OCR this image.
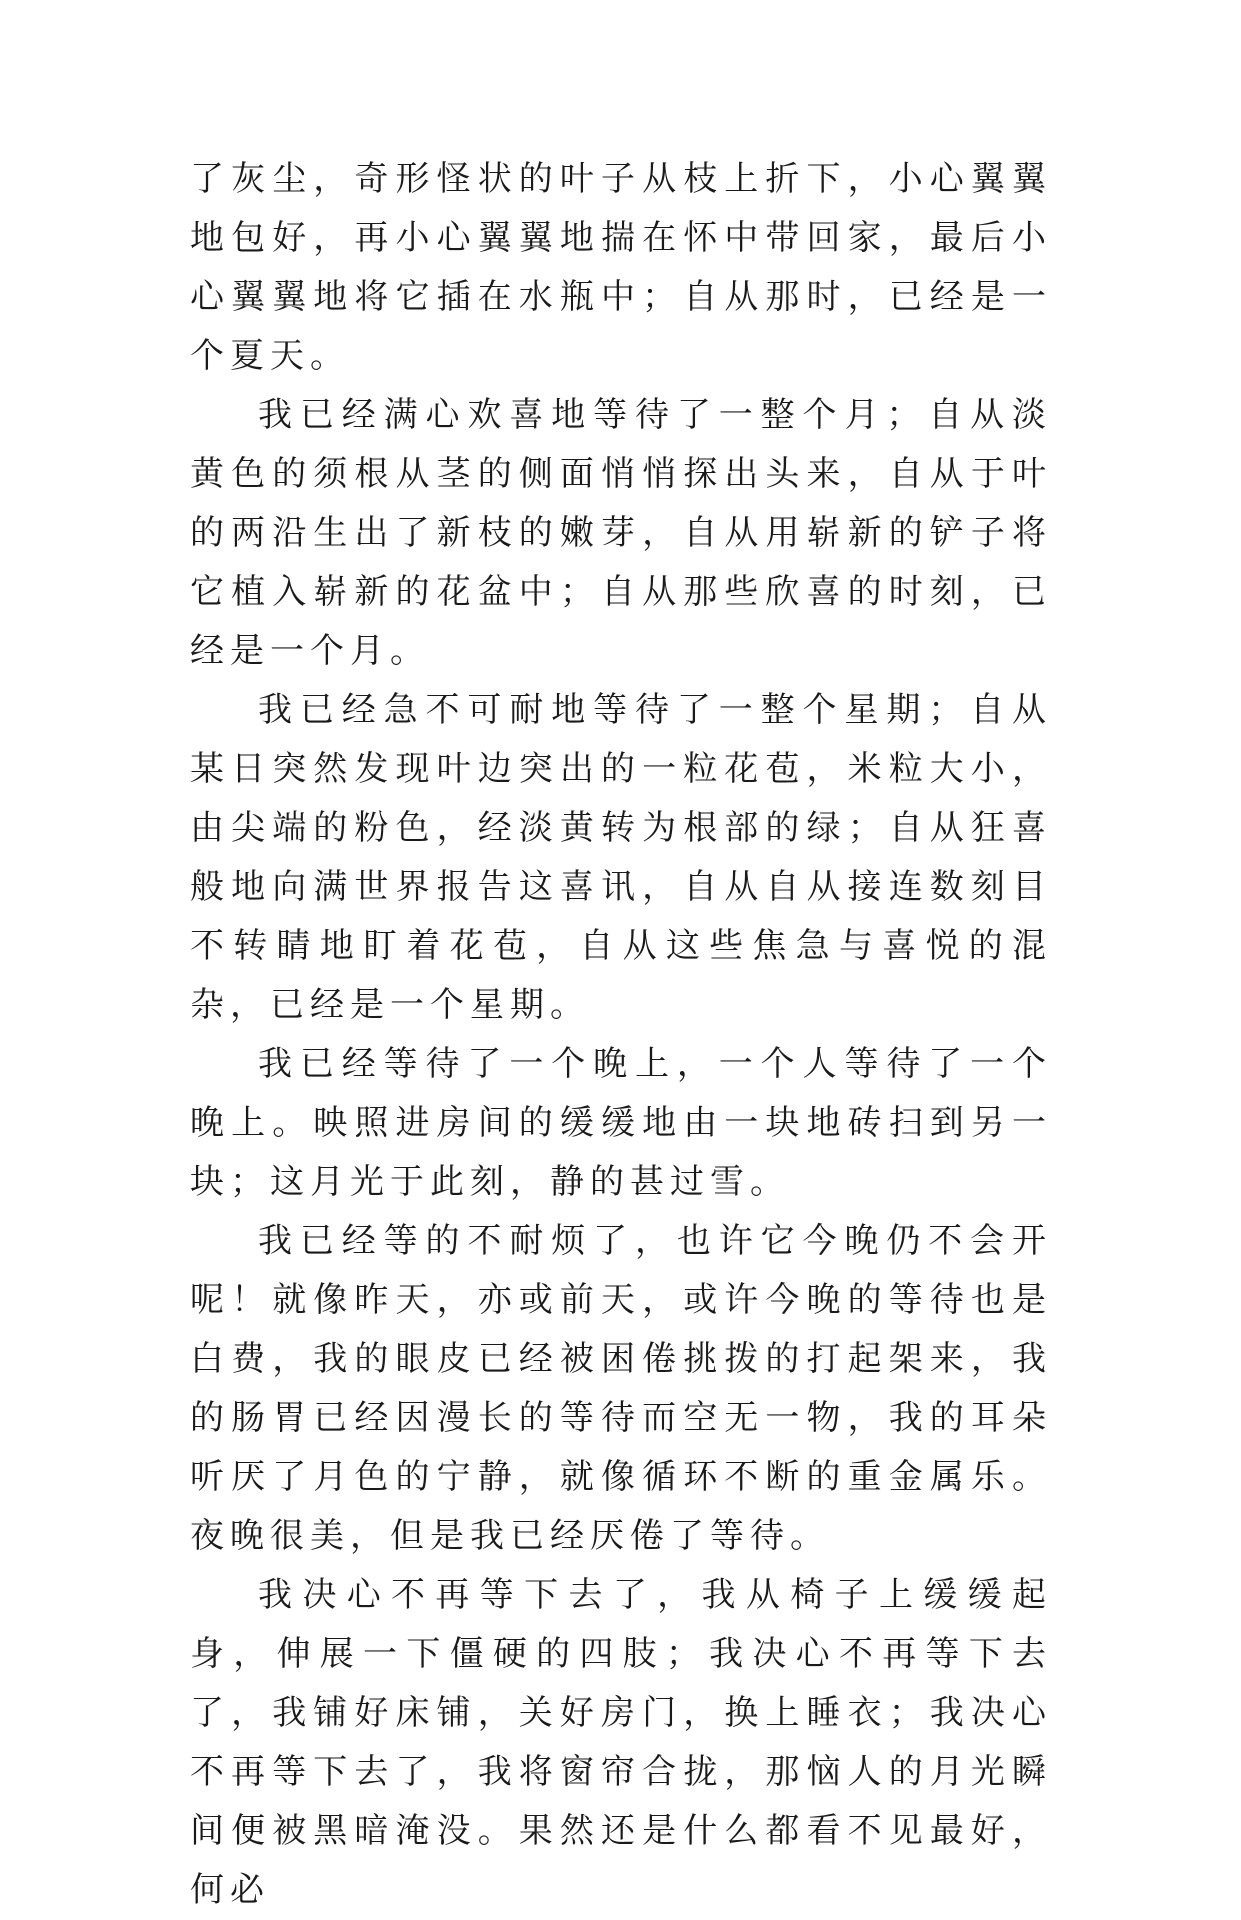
了灰尘，奇形怪状的叶子从枝上折下，小心翼翼地包好，再小心翼翼地揣在怀中带回家，最后小心翼翼地将它插在水瓶中；自从那时，已经是一个夏天。

我已经满心欢喜地等待了一整个月；自从淡黄色的须根从茎的侧面悄悄探出头来，自从于叶的两沿生出了新枝的嫩芽，自从用崭新的铲子将它植入崭新的花盆中；自从那些欣喜的时刻，已经是一个月。

我已经急不可耐地等待了一整个星期；自从某日突然发现叶边突出的一粒花苞，米粒大小，由尖端的粉色，经淡黄转为根部的绿；自从狂喜般地向满世界报告这喜讯，自从自从接连数刻目不转睛地盯着花苞，自从这些焦急与喜悦的混杂，已经是一个星期。

我已经等待了一个晚上，一个人等待了一个晚上。映照进房间的缓缓地由一块地砖扫到另一块；这月光于此刻，静的甚过雪。

我已经等的不耐烦了，也许它今晚仍不会开呢！就像昨天，亦或前天，或许今晚的等待也是白费，我的眼皮已经被困倦挑拨的打起架来，我的肠胃已经因漫长的等待而空无一物，我的耳朵听厌了月色的宁静，就像循环不断的重金属乐。夜晚很美，但是我已经厌倦了等待。

我决心不再等下去了，我从椅子上缓缓起身，伸展一下僵硬的四肢；我决心不再等下去了，我铺好床铺，关好房门，换上睡衣；我决心不再等下去了，我将窗帘合拢，那恼人的月光瞬间便被黑暗淹没。果然还是什么都看不见最好，何必
